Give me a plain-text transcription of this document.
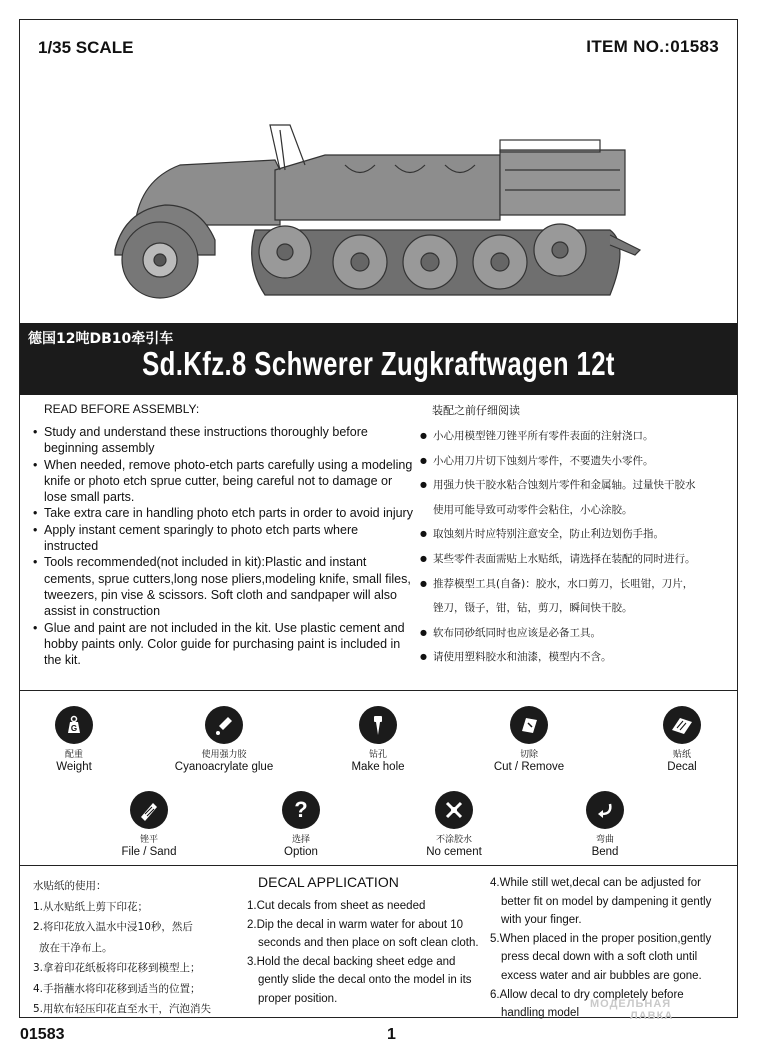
1/35 SCALE	ITEM NO.:01583
德国12吨DB10牵引车
Sd.Kfz.8 Schwerer Zugkraftwagen 12t
READ BEFORE ASSEMBLY:
• Study and understand these instructions thoroughly before beginning assembly
• When needed, remove photo-etch parts carefully using a modeling knife or photo etch sprue cutter, being careful not to damage or lose small parts.
• Take extra care in handling photo etch parts in order to avoid injury
• Apply instant cement sparingly to photo etch parts where instructed
• Tools recommended(not included in kit):Plastic and instant cements, sprue cutters,long nose pliers,modeling knife, small files, tweezers, pin vise & scissors. Soft cloth and sandpaper will also assist in construction
• Glue and paint are not included in the kit. Use plastic cement and hobby paints only. Color guide for purchasing paint is included in the kit.
装配之前仔细阅读
● 小心用模型锉刀锉平所有零件表面的注射浇口。
● 小心用刀片切下蚀刻片零件，不要遗失小零件。
● 用强力快干胶水粘合蚀刻片零件和金属轴。过量快干胶水
使用可能导致可动零件会粘住，小心涂胶。
● 取蚀刻片时应特别注意安全，防止利边划伤手指。
● 某些零件表面需贴上水贴纸，请选择在装配的同时进行。
● 推荐模型工具(自备)：胶水，水口剪刀，长咀钳，刀片，
锉刀，镊子，钳，钻，剪刀，瞬间快干胶。
● 软布同砂纸同时也应该是必备工具。
● 请使用塑料胶水和油漆，模型内不含。
G
配重
Weight
使用强力胶
Cyanoacrylate glue
钻孔
Make hole
切除
Cut / Remove
贴纸
Decal
锉平
File / Sand
?
选择
Option
不涂胶水
No cement
弯曲
Bend
水贴纸的使用：
1.从水贴纸上剪下印花；
2.将印花放入温水中浸10秒，然后
放在干净布上。
3.拿着印花纸板将印花移到模型上；
4.手指蘸水将印花移到适当的位置；
5.用软布轻压印花直至水干，汽泡消失
DECAL APPLICATION
1.Cut decals from sheet as needed
2.Dip the decal in warm water for about 10
seconds and then place on soft clean cloth.
3.Hold the decal backing sheet edge and
gently slide the decal onto the model in its
proper position.
4.While still wet,decal can be adjusted for
better fit on model by dampening it gently
with your finger.
5.When placed in the proper position,gently
press decal down with a soft cloth until
excess water and air bubbles are gone.
6.Allow decal to dry completely before
handling model
МОДЕЛЬНАЯ
ЛАВКА
01583	1
